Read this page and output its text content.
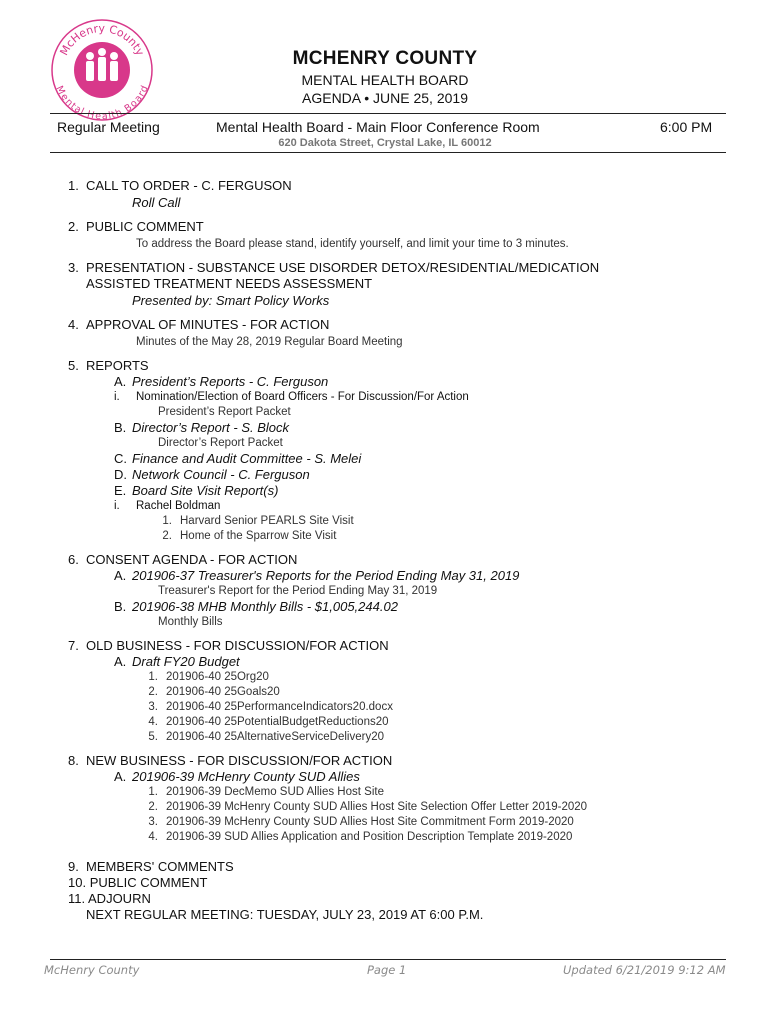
McHenry County
Mental Health Board
MCHENRY COUNTY
MENTAL HEALTH BOARD
AGENDA • JUNE 25, 2019
Regular Meeting	Mental Health Board - Main Floor Conference Room	6:00 PM
620 Dakota Street, Crystal Lake, IL 60012
1. CALL TO ORDER - C. FERGUSON
Roll Call
2. PUBLIC COMMENT
To address the Board please stand, identify yourself, and limit your time to 3 minutes.
3. PRESENTATION - SUBSTANCE USE DISORDER DETOX/RESIDENTIAL/MEDICATION
ASSISTED TREATMENT NEEDS ASSESSMENT
Presented by: Smart Policy Works
4. APPROVAL OF MINUTES - FOR ACTION
Minutes of the May 28, 2019 Regular Board Meeting
5. REPORTS
A. President’s Reports - C. Ferguson
i. Nomination/Election of Board Officers - For Discussion/For Action
President’s Report Packet
B. Director’s Report - S. Block
Director’s Report Packet
C. Finance and Audit Committee - S. Melei
D. Network Council - C. Ferguson
E. Board Site Visit Report(s)
i. Rachel Boldman
1. Harvard Senior PEARLS Site Visit
2. Home of the Sparrow Site Visit
6. CONSENT AGENDA - FOR ACTION
A. 201906-37 Treasurer's Reports for the Period Ending May 31, 2019
Treasurer's Report for the Period Ending May 31, 2019
B. 201906-38 MHB Monthly Bills - $1,005,244.02
Monthly Bills
7. OLD BUSINESS - FOR DISCUSSION/FOR ACTION
A. Draft FY20 Budget
1. 201906-40 25Org20
2. 201906-40 25Goals20
3. 201906-40 25PerformanceIndicators20.docx
4. 201906-40 25PotentialBudgetReductions20
5. 201906-40 25AlternativeServiceDelivery20
8. NEW BUSINESS - FOR DISCUSSION/FOR ACTION
A. 201906-39 McHenry County SUD Allies
1. 201906-39 DecMemo SUD Allies Host Site
2. 201906-39 McHenry County SUD Allies Host Site Selection Offer Letter 2019-2020
3. 201906-39 McHenry County SUD Allies Host Site Commitment Form 2019-2020
4. 201906-39 SUD Allies Application and Position Description Template 2019-2020
9. MEMBERS' COMMENTS
10. PUBLIC COMMENT
11. ADJOURN
NEXT REGULAR MEETING: TUESDAY, JULY 23, 2019 AT 6:00 P.M.
McHenry County	Page 1	Updated 6/21/2019 9:12 AM
